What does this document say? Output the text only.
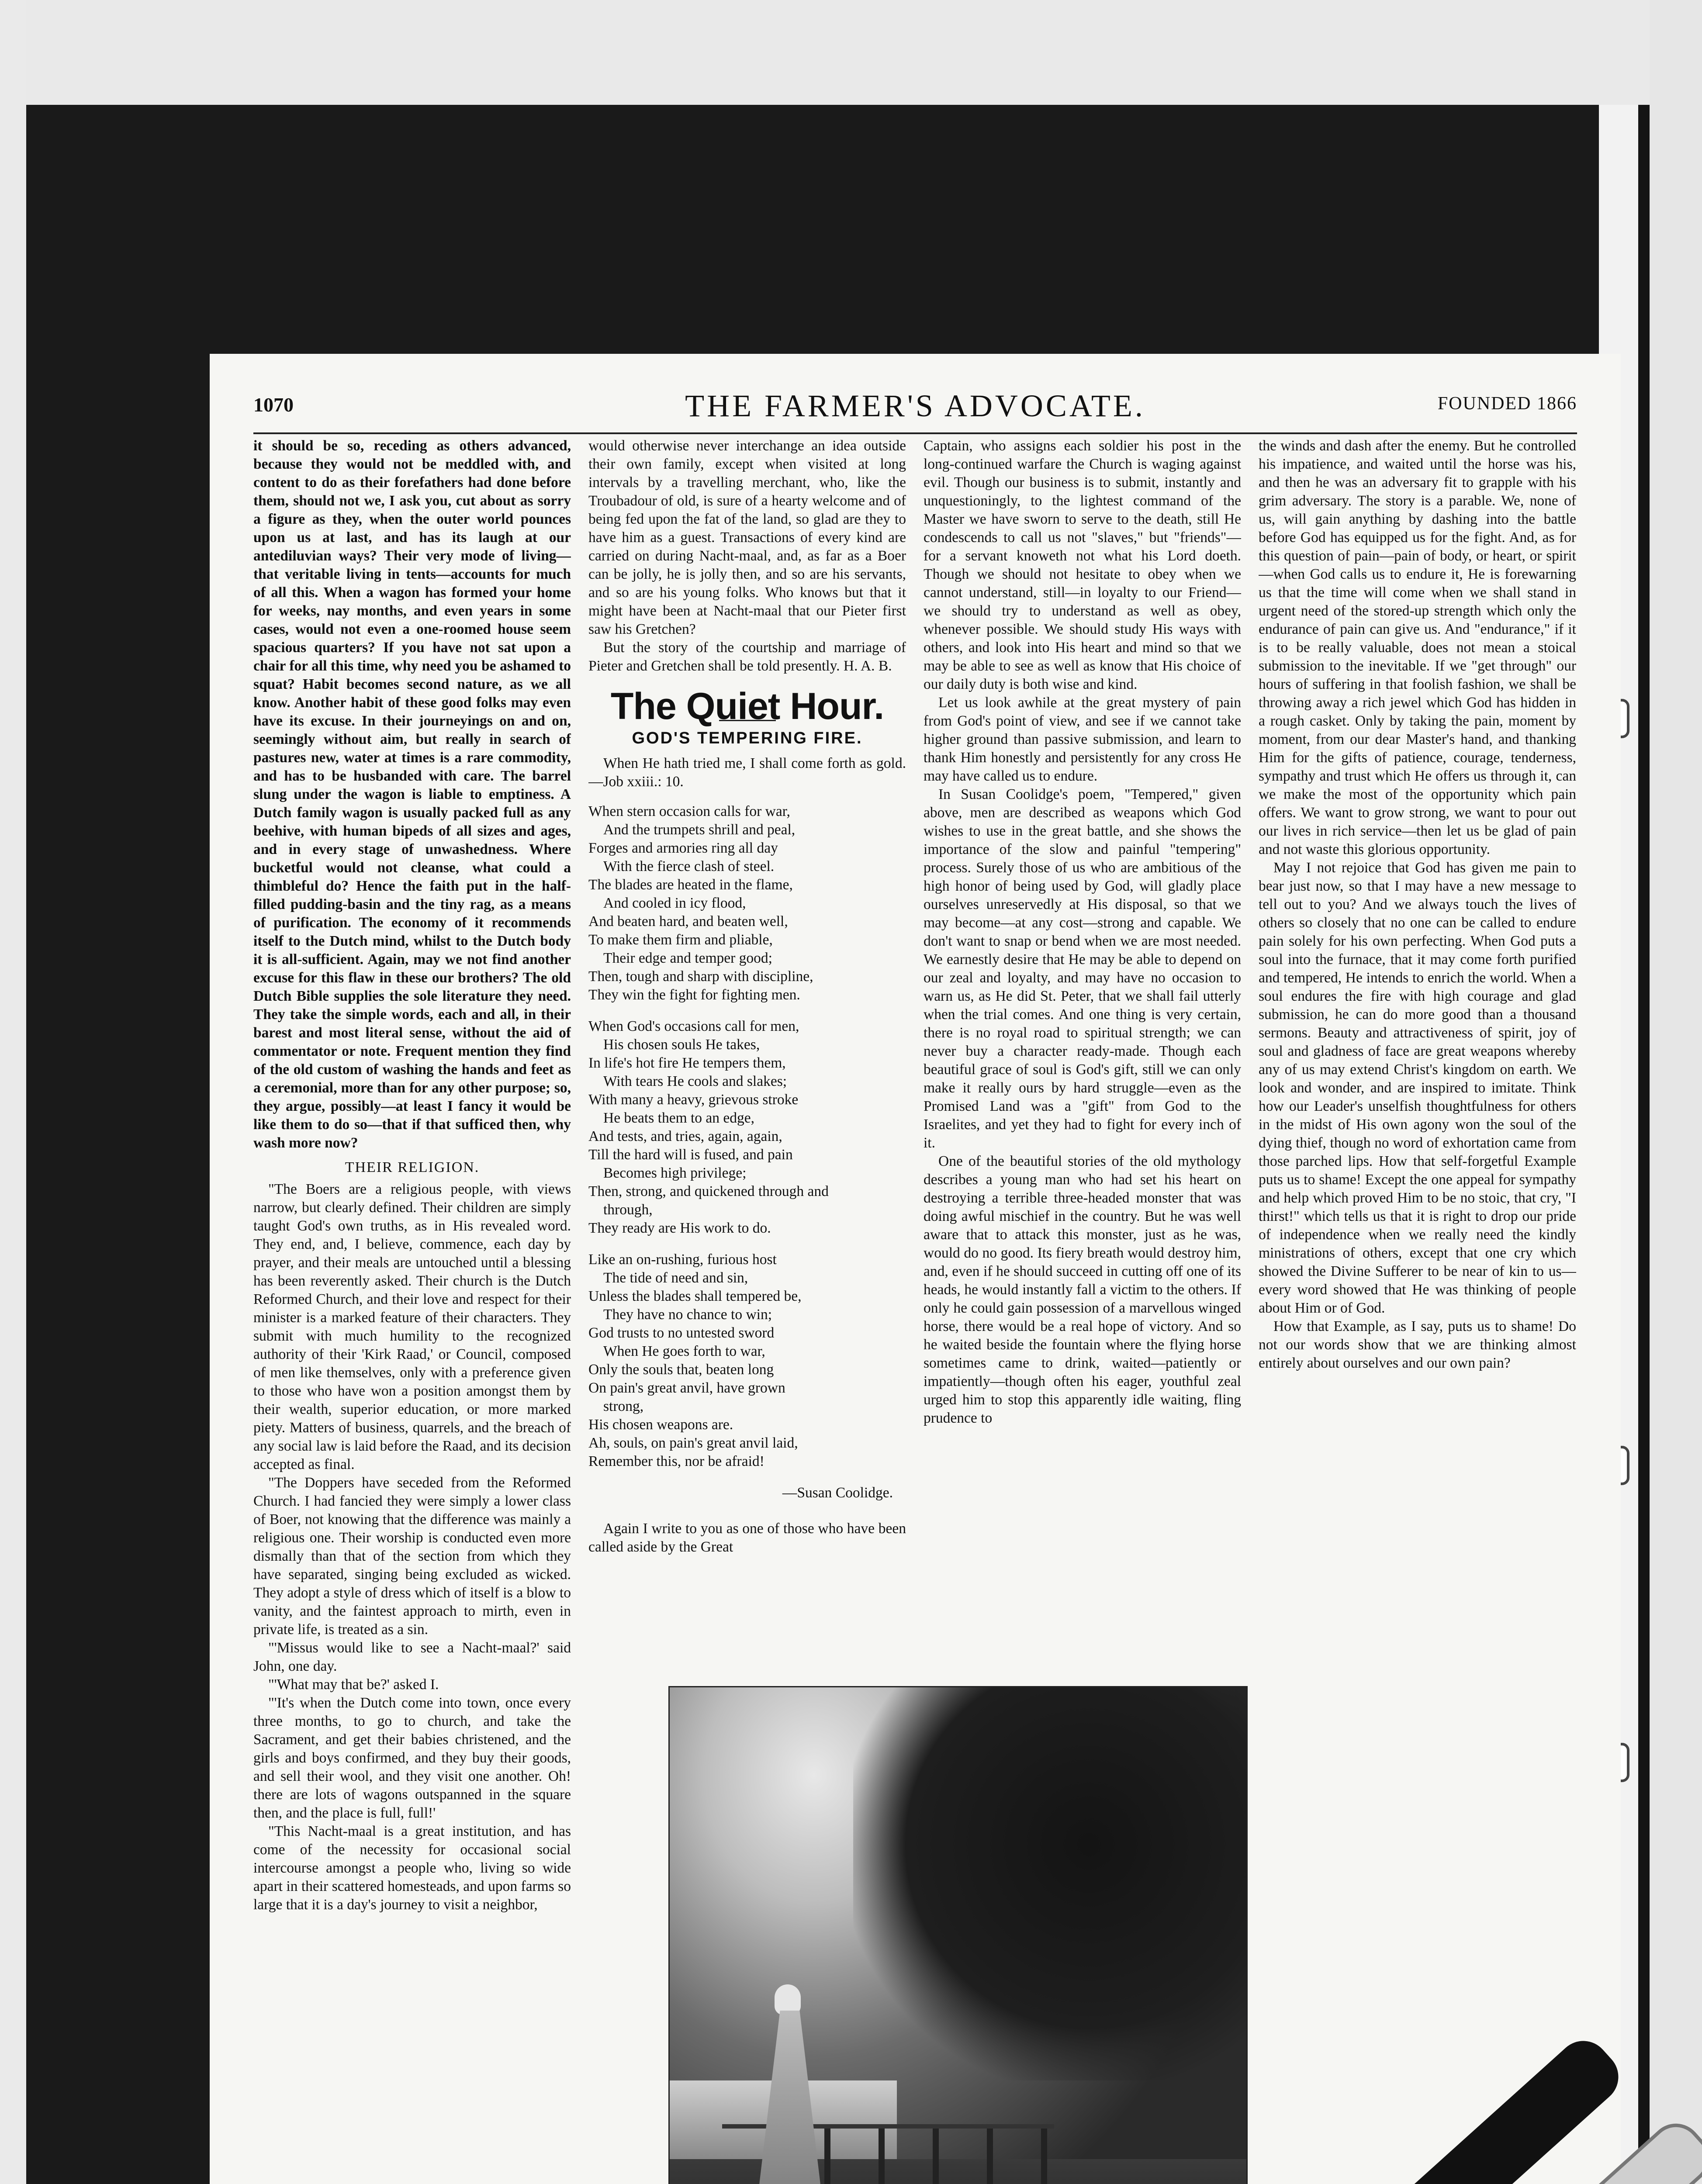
1070	THE FARMER'S ADVOCATE.	FOUNDED 1866

it should be so, receding as others advanced, because they would not be meddled with, and content to do as their forefathers had done before them, should not we, I ask you, cut about as sorry a figure as they, when the outer world pounces upon us at last, and has its laugh at our antediluvian ways? Their very mode of living—that veritable living in tents—accounts for much of all this. When a wagon has formed your home for weeks, nay months, and even years in some cases, would not even a one-roomed house seem spacious quarters? If you have not sat upon a chair for all this time, why need you be ashamed to squat? Habit becomes second nature, as we all know. Another habit of these good folks may even have its excuse. In their journeyings on and on, seemingly without aim, but really in search of pastures new, water at times is a rare commodity, and has to be husbanded with care. The barrel slung under the wagon is liable to emptiness. A Dutch family wagon is usually packed full as any beehive, with human bipeds of all sizes and ages, and in every stage of unwashedness. Where bucketful would not cleanse, what could a thimbleful do? Hence the faith put in the half-filled pudding-basin and the tiny rag, as a means of purification. The economy of it recommends itself to the Dutch mind, whilst to the Dutch body it is all-sufficient. Again, may we not find another excuse for this flaw in these our brothers? The old Dutch Bible supplies the sole literature they need. They take the simple words, each and all, in their barest and most literal sense, without the aid of commentator or note. Frequent mention they find of the old custom of washing the hands and feet as a ceremonial, more than for any other purpose; so, they argue, possibly—at least I fancy it would be like them to do so—that if that sufficed then, why wash more now?

THEIR RELIGION.

"The Boers are a religious people, with views narrow, but clearly defined. Their children are simply taught God's own truths, as in His revealed word. They end, and, I believe, commence, each day by prayer, and their meals are untouched until a blessing has been reverently asked. Their church is the Dutch Reformed Church, and their love and respect for their minister is a marked feature of their characters. They submit with much humility to the recognized authority of their 'Kirk Raad,' or Council, composed of men like themselves, only with a preference given to those who have won a position amongst them by their wealth, superior education, or more marked piety. Matters of business, quarrels, and the breach of any social law is laid before the Raad, and its decision accepted as final.

"The Doppers have seceded from the Reformed Church. I had fancied they were simply a lower class of Boer, not knowing that the difference was mainly a religious one. Their worship is conducted even more dismally than that of the section from which they have separated, singing being excluded as wicked. They adopt a style of dress which of itself is a blow to vanity, and the faintest approach to mirth, even in private life, is treated as a sin.

"'Missus would like to see a Nacht-maal?' said John, one day.

"'What may that be?' asked I.

"'It's when the Dutch come into town, once every three months, to go to church, and take the Sacrament, and get their babies christened, and the girls and boys confirmed, and they buy their goods, and sell their wool, and they visit one another. Oh! there are lots of wagons outspanned in the square then, and the place is full, full!'

"This Nacht-maal is a great institution, and has come of the necessity for occasional social intercourse amongst a people who, living so wide apart in their scattered homesteads, and upon farms so large that it is a day's journey to visit a neighbor,

would otherwise never interchange an idea outside their own family, except when visited at long intervals by a travelling merchant, who, like the Troubadour of old, is sure of a hearty welcome and of being fed upon the fat of the land, so glad are they to have him as a guest. Transactions of every kind are carried on during Nacht-maal, and, as far as a Boer can be jolly, he is jolly then, and so are his servants, and so are his young folks. Who knows but that it might have been at Nacht-maal that our Pieter first saw his Gretchen?

But the story of the courtship and marriage of Pieter and Gretchen shall be told presently. H. A. B.

The Quiet Hour.
GOD'S TEMPERING FIRE.

When He hath tried me, I shall come forth as gold.—Job xxiii.: 10.

When stern occasion calls for war,
And the trumpets shrill and peal,
Forges and armories ring all day
With the fierce clash of steel.
The blades are heated in the flame,
And cooled in icy flood,
And beaten hard, and beaten well,
To make them firm and pliable,
Their edge and temper good;
Then, tough and sharp with discipline,
They win the fight for fighting men.
When God's occasions call for men,
His chosen souls He takes,
In life's hot fire He tempers them,
With tears He cools and slakes;
With many a heavy, grievous stroke
He beats them to an edge,
And tests, and tries, again, again,
Till the hard will is fused, and pain
Becomes high privilege;
Then, strong, and quickened through and
through,
They ready are His work to do.
Like an on-rushing, furious host
The tide of need and sin,
Unless the blades shall tempered be,
They have no chance to win;
God trusts to no untested sword
When He goes forth to war,
Only the souls that, beaten long
On pain's great anvil, have grown
strong,
His chosen weapons are.
Ah, souls, on pain's great anvil laid,
Remember this, nor be afraid!

—Susan Coolidge.

Again I write to you as one of those who have been called aside by the Great

Captain, who assigns each soldier his post in the long-continued warfare the Church is waging against evil. Though our business is to submit, instantly and unquestioningly, to the lightest command of the Master we have sworn to serve to the death, still He condescends to call us not "slaves," but "friends"—for a servant knoweth not what his Lord doeth. Though we should not hesitate to obey when we cannot understand, still—in loyalty to our Friend—we should try to understand as well as obey, whenever possible. We should study His ways with others, and look into His heart and mind so that we may be able to see as well as know that His choice of our daily duty is both wise and kind.

Let us look awhile at the great mystery of pain from God's point of view, and see if we cannot take higher ground than passive submission, and learn to thank Him honestly and persistently for any cross He may have called us to endure.

In Susan Coolidge's poem, "Tempered," given above, men are described as weapons which God wishes to use in the great battle, and she shows the importance of the slow and painful "tempering" process. Surely those of us who are ambitious of the high honor of being used by God, will gladly place ourselves unreservedly at His disposal, so that we may become—at any cost—strong and capable. We don't want to snap or bend when we are most needed. We earnestly desire that He may be able to depend on our zeal and loyalty, and may have no occasion to warn us, as He did St. Peter, that we shall fail utterly when the trial comes. And one thing is very certain, there is no royal road to spiritual strength; we can never buy a character ready-made. Though each beautiful grace of soul is God's gift, still we can only make it really ours by hard struggle—even as the Promised Land was a "gift" from God to the Israelites, and yet they had to fight for every inch of it.

One of the beautiful stories of the old mythology describes a young man who had set his heart on destroying a terrible three-headed monster that was doing awful mischief in the country. But he was well aware that to attack this monster, just as he was, would do no good. Its fiery breath would destroy him, and, even if he should succeed in cutting off one of its heads, he would instantly fall a victim to the others. If only he could gain possession of a marvellous winged horse, there would be a real hope of victory. And so he waited beside the fountain where the flying horse sometimes came to drink, waited—patiently or impatiently—though often his eager, youthful zeal urged him to stop this apparently idle waiting, fling prudence to

the winds and dash after the enemy. But he controlled his impatience, and waited until the horse was his, and then he was an adversary fit to grapple with his grim adversary. The story is a parable. We, none of us, will gain anything by dashing into the battle before God has equipped us for the fight. And, as for this question of pain—pain of body, or heart, or spirit—when God calls us to endure it, He is forewarning us that the time will come when we shall stand in urgent need of the stored-up strength which only the endurance of pain can give us. And "endurance," if it is to be really valuable, does not mean a stoical submission to the inevitable. If we "get through" our hours of suffering in that foolish fashion, we shall be throwing away a rich jewel which God has hidden in a rough casket. Only by taking the pain, moment by moment, from our dear Master's hand, and thanking Him for the gifts of patience, courage, tenderness, sympathy and trust which He offers us through it, can we make the most of the opportunity which pain offers. We want to grow strong, we want to pour out our lives in rich service—then let us be glad of pain and not waste this glorious opportunity.

May I not rejoice that God has given me pain to bear just now, so that I may have a new message to tell out to you? And we always touch the lives of others so closely that no one can be called to endure pain solely for his own perfecting. When God puts a soul into the furnace, that it may come forth purified and tempered, He intends to enrich the world. When a soul endures the fire with high courage and glad submission, he can do more good than a thousand sermons. Beauty and attractiveness of spirit, joy of soul and gladness of face are great weapons whereby any of us may extend Christ's kingdom on earth. We look and wonder, and are inspired to imitate. Think how our Leader's unselfish thoughtfulness for others in the midst of His own agony won the soul of the dying thief, though no word of exhortation came from those parched lips. How that self-forgetful Example puts us to shame! Except the one appeal for sympathy and help which proved Him to be no stoic, that cry, "I thirst!" which tells us that it is right to drop our pride of independence when we really need the kindly ministrations of others, except that one cry which showed the Divine Sufferer to be near of kin to us—every word showed that He was thinking of people about Him or of God.

How that Example, as I say, puts us to shame! Do not our words show that we are thinking almost entirely about ourselves and our own pain?
